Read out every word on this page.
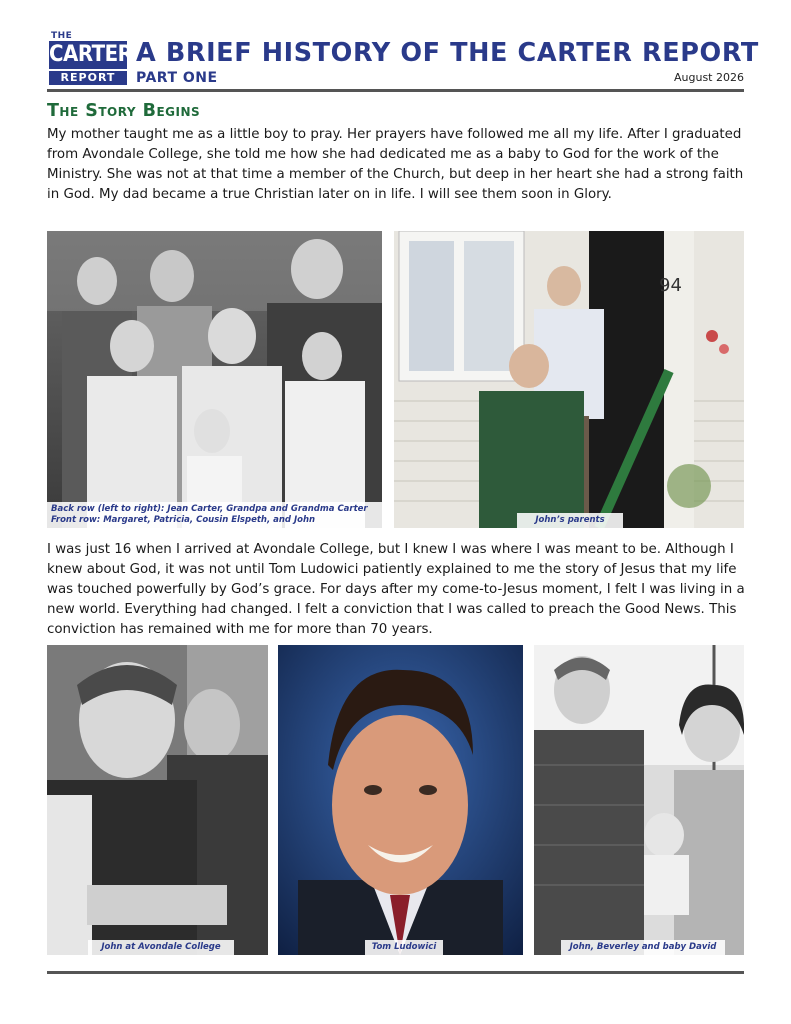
THE
CARTER
REPORT
A BRIEF HISTORY OF THE CARTER REPORT
PART ONE	August 2026
The Story Begins

My mother taught me as a little boy to pray. Her prayers have followed me all my life. After I graduated from Avondale College, she told me how she had dedicated me as a baby to God for the work of the Ministry. She was not at that time a member of the Church, but deep in her heart she had a strong faith in God. My dad became a true Christian later on in life. I will see them soon in Glory.

Back row (left to right): Jean Carter, Grandpa and Grandma Carter
Front row: Margaret, Patricia, Cousin Elspeth, and John
94
John’s parents

I was just 16 when I arrived at Avondale College, but I knew I was where I was meant to be. Although I knew about God, it was not until Tom Ludowici patiently explained to me the story of Jesus that my life was touched powerfully by God’s grace. For days after my come-to-Jesus moment, I felt I was living in a new world. Everything had changed. I felt a conviction that I was called to preach the Good News. This conviction has remained with me for more than 70 years.

John at Avondale College	Tom Ludowici	John, Beverley and baby David
